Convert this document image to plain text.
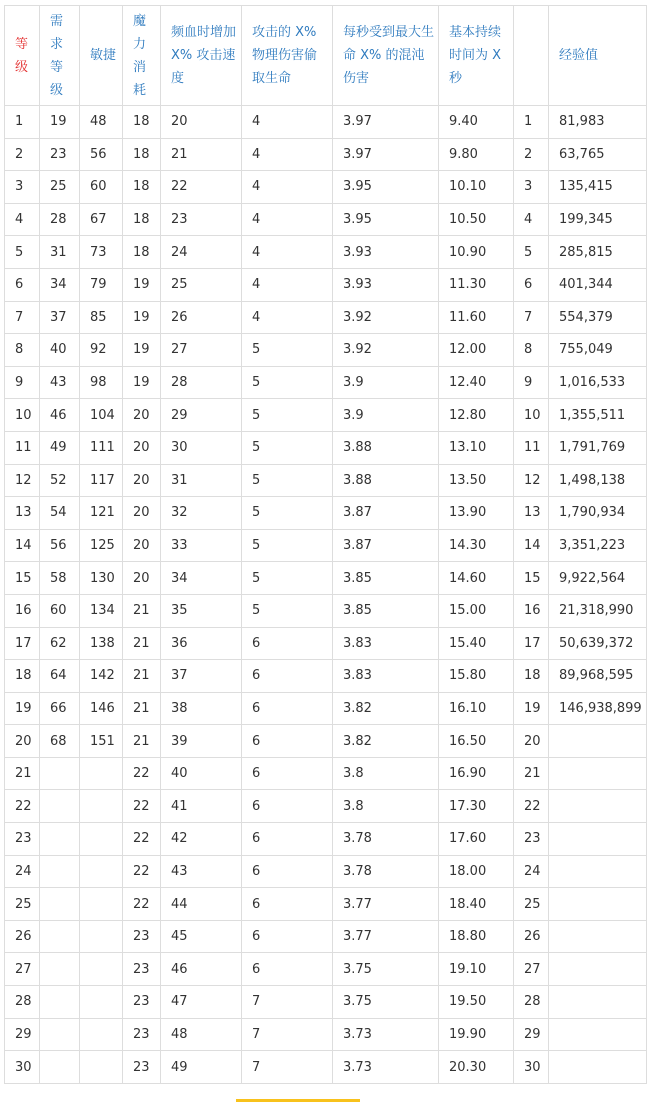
等级	需求等级	敏捷	魔力消耗	频血时增加 X% 攻击速度	攻击的 X% 物理伤害偷取生命	每秒受到最大生命 X% 的混沌伤害	基本持续时间为 X 秒		经验值
1	19	48	18	20	4	3.97	9.40	1	81,983
2	23	56	18	21	4	3.97	9.80	2	63,765
3	25	60	18	22	4	3.95	10.10	3	135,415
4	28	67	18	23	4	3.95	10.50	4	199,345
5	31	73	18	24	4	3.93	10.90	5	285,815
6	34	79	19	25	4	3.93	11.30	6	401,344
7	37	85	19	26	4	3.92	11.60	7	554,379
8	40	92	19	27	5	3.92	12.00	8	755,049
9	43	98	19	28	5	3.9	12.40	9	1,016,533
10	46	104	20	29	5	3.9	12.80	10	1,355,511
11	49	111	20	30	5	3.88	13.10	11	1,791,769
12	52	117	20	31	5	3.88	13.50	12	1,498,138
13	54	121	20	32	5	3.87	13.90	13	1,790,934
14	56	125	20	33	5	3.87	14.30	14	3,351,223
15	58	130	20	34	5	3.85	14.60	15	9,922,564
16	60	134	21	35	5	3.85	15.00	16	21,318,990
17	62	138	21	36	6	3.83	15.40	17	50,639,372
18	64	142	21	37	6	3.83	15.80	18	89,968,595
19	66	146	21	38	6	3.82	16.10	19	146,938,899
20	68	151	21	39	6	3.82	16.50	20	
21			22	40	6	3.8	16.90	21	
22			22	41	6	3.8	17.30	22	
23			22	42	6	3.78	17.60	23	
24			22	43	6	3.78	18.00	24	
25			22	44	6	3.77	18.40	25	
26			23	45	6	3.77	18.80	26	
27			23	46	6	3.75	19.10	27	
28			23	47	7	3.75	19.50	28	
29			23	48	7	3.73	19.90	29	
30			23	49	7	3.73	20.30	30	
